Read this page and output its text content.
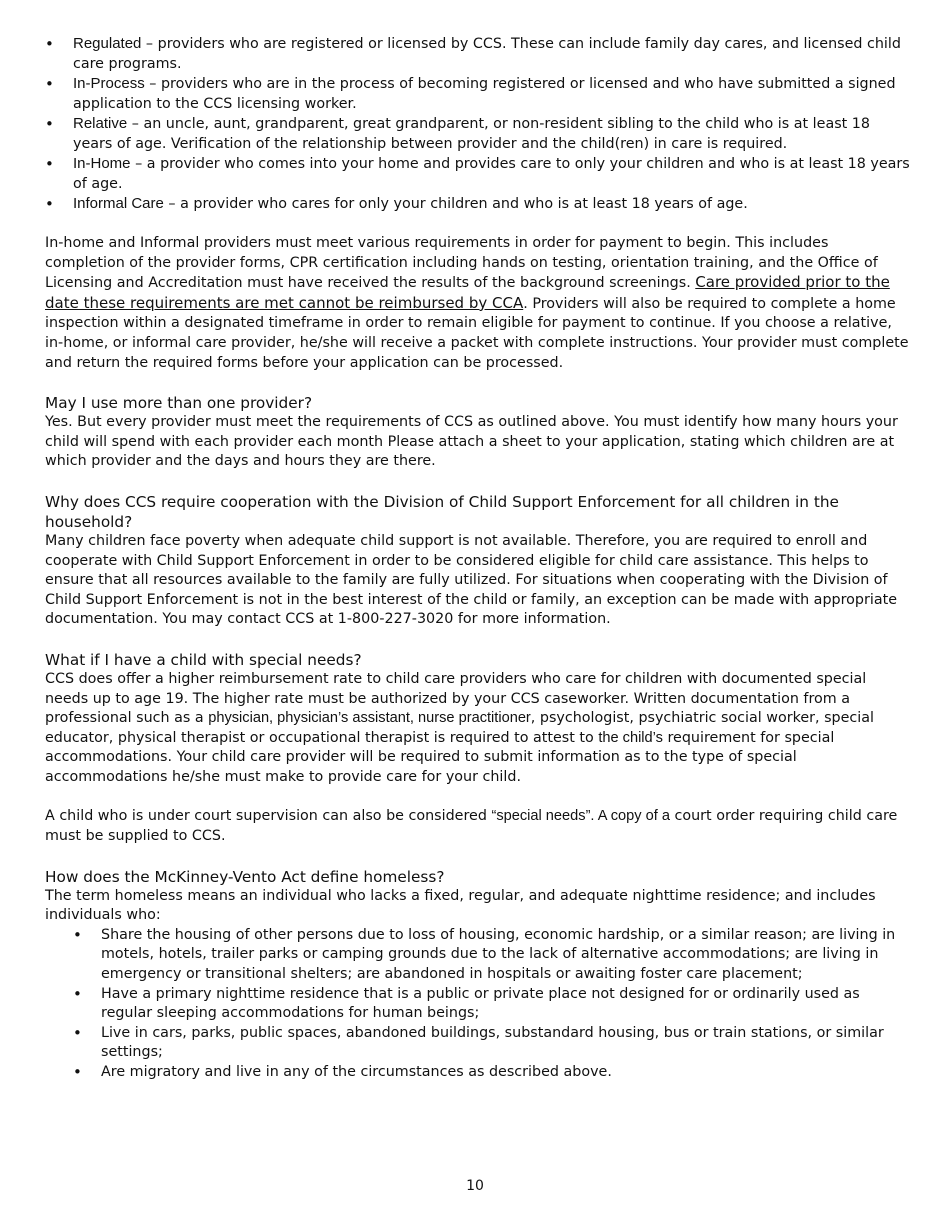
• Regulated – providers who are registered or licensed by CCS. These can include family day cares, and licensed child care programs.
• In-Process – providers who are in the process of becoming registered or licensed and who have submitted a signed application to the CCS licensing worker.
• Relative – an uncle, aunt, grandparent, great grandparent, or non-resident sibling to the child who is at least 18 years of age. Verification of the relationship between provider and the child(ren) in care is required.
• In-Home – a provider who comes into your home and provides care to only your children and who is at least 18 years of age.
• Informal Care – a provider who cares for only your children and who is at least 18 years of age.

In-home and Informal providers must meet various requirements in order for payment to begin. This includes completion of the provider forms, CPR certification including hands on testing, orientation training, and the Office of Licensing and Accreditation must have received the results of the background screenings. Care provided prior to the date these requirements are met cannot be reimbursed by CCA. Providers will also be required to complete a home inspection within a designated timeframe in order to remain eligible for payment to continue. If you choose a relative, in-home, or informal care provider, he/she will receive a packet with complete instructions. Your provider must complete and return the required forms before your application can be processed.

May I use more than one provider?

Yes. But every provider must meet the requirements of CCS as outlined above. You must identify how many hours your child will spend with each provider each month Please attach a sheet to your application, stating which children are at which provider and the days and hours they are there.

Why does CCS require cooperation with the Division of Child Support Enforcement for all children in the household?

Many children face poverty when adequate child support is not available. Therefore, you are required to enroll and cooperate with Child Support Enforcement in order to be considered eligible for child care assistance. This helps to ensure that all resources available to the family are fully utilized. For situations when cooperating with the Division of Child Support Enforcement is not in the best interest of the child or family, an exception can be made with appropriate documentation. You may contact CCS at 1-800-227-3020 for more information.

What if I have a child with special needs?

CCS does offer a higher reimbursement rate to child care providers who care for children with documented special needs up to age 19. The higher rate must be authorized by your CCS caseworker. Written documentation from a professional such as a physician, physician’s assistant, nurse practitioner, psychologist, psychiatric social worker, special educator, physical therapist or occupational therapist is required to attest to the child’s requirement for special accommodations. Your child care provider will be required to submit information as to the type of special accommodations he/she must make to provide care for your child.

A child who is under court supervision can also be considered “special needs”. A copy of a court order requiring child care must be supplied to CCS.

How does the McKinney-Vento Act define homeless?

The term homeless means an individual who lacks a fixed, regular, and adequate nighttime residence; and includes individuals who:

• Share the housing of other persons due to loss of housing, economic hardship, or a similar reason; are living in motels, hotels, trailer parks or camping grounds due to the lack of alternative accommodations; are living in emergency or transitional shelters; are abandoned in hospitals or awaiting foster care placement;
• Have a primary nighttime residence that is a public or private place not designed for or ordinarily used as regular sleeping accommodations for human beings;
• Live in cars, parks, public spaces, abandoned buildings, substandard housing, bus or train stations, or similar settings;
• Are migratory and live in any of the circumstances as described above.
10
